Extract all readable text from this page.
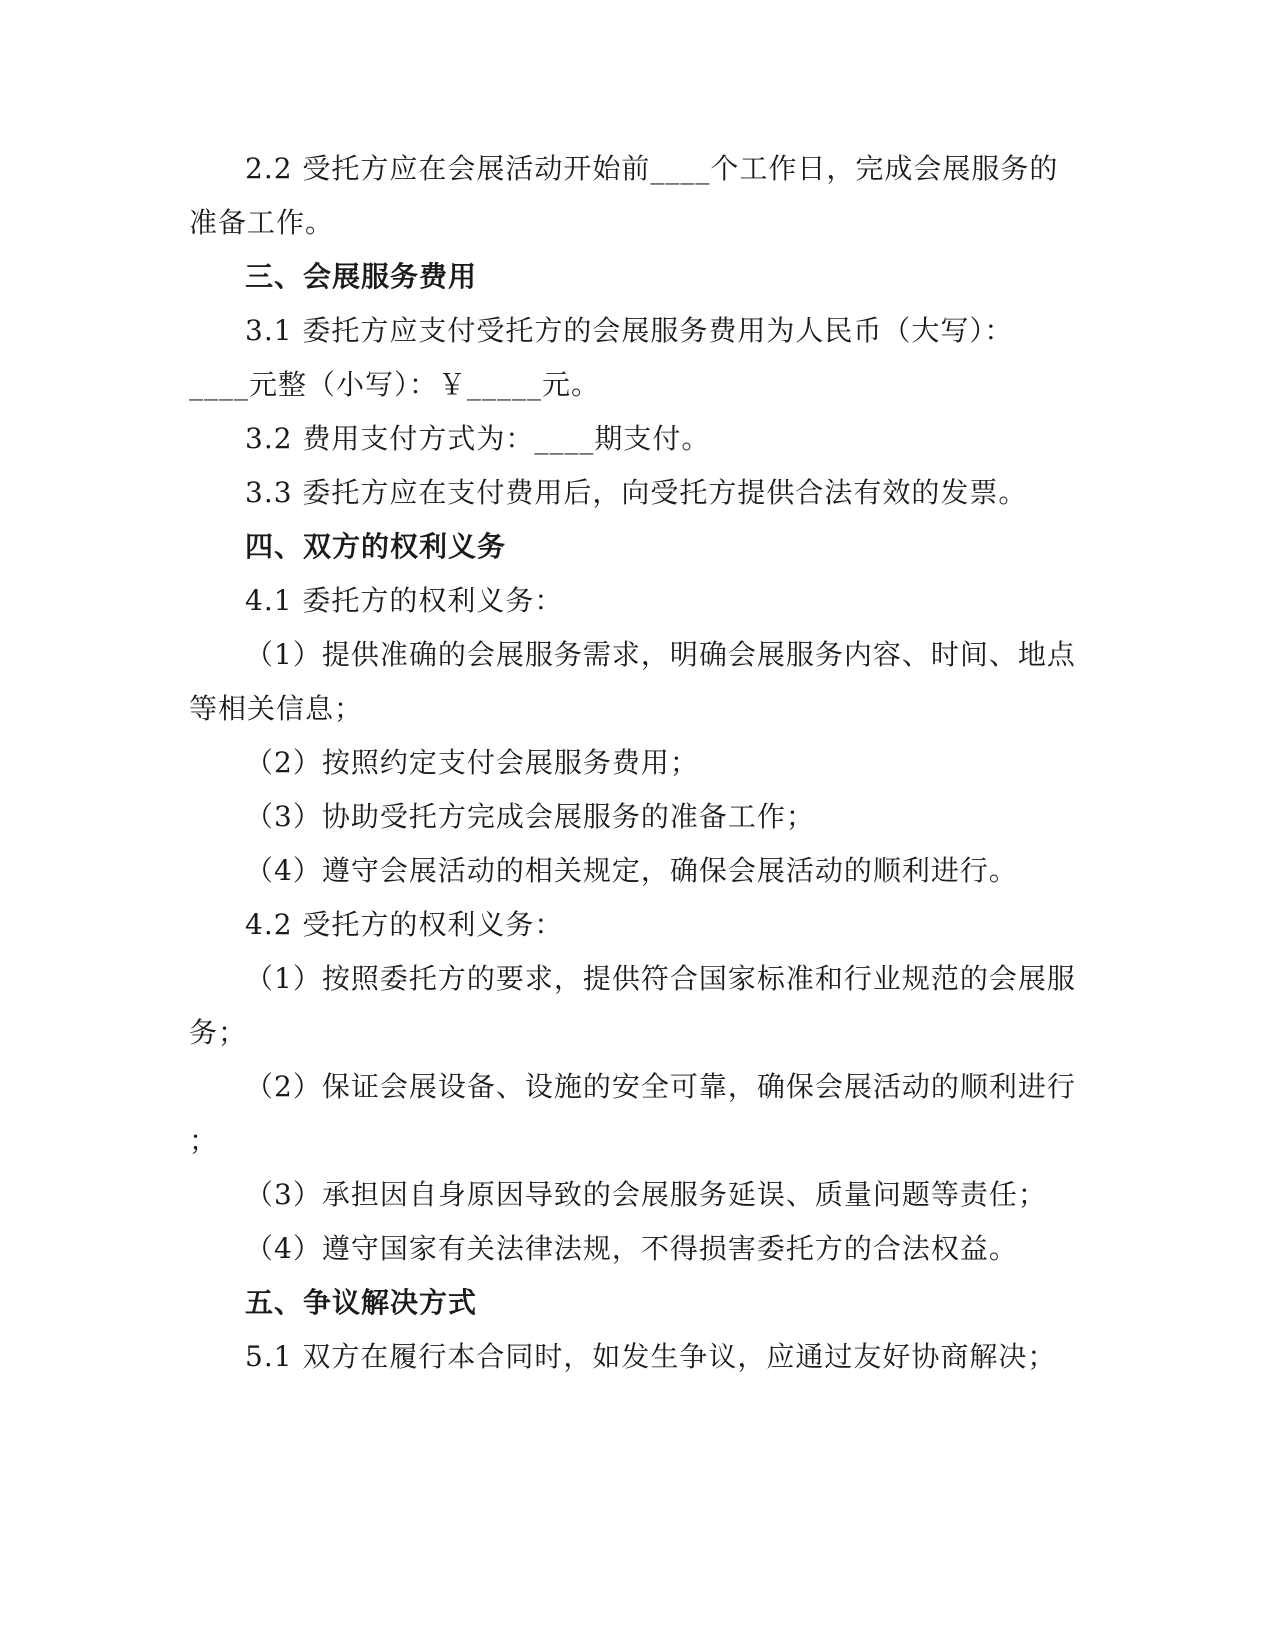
2.2 受托方应在会展活动开始前____个工作日，完成会展服务的
准备工作。
三、会展服务费用
3.1 委托方应支付受托方的会展服务费用为人民币（大写）：
____元整（小写）：￥_____元。
3.2 费用支付方式为：____期支付。
3.3 委托方应在支付费用后，向受托方提供合法有效的发票。
四、双方的权利义务
4.1 委托方的权利义务：
（1）提供准确的会展服务需求，明确会展服务内容、时间、地点
等相关信息；
（2）按照约定支付会展服务费用；
（3）协助受托方完成会展服务的准备工作；
（4）遵守会展活动的相关规定，确保会展活动的顺利进行。
4.2 受托方的权利义务：
（1）按照委托方的要求，提供符合国家标准和行业规范的会展服
务；
（2）保证会展设备、设施的安全可靠，确保会展活动的顺利进行
；
（3）承担因自身原因导致的会展服务延误、质量问题等责任；
（4）遵守国家有关法律法规，不得损害委托方的合法权益。
五、争议解决方式
5.1 双方在履行本合同时，如发生争议，应通过友好协商解决；
